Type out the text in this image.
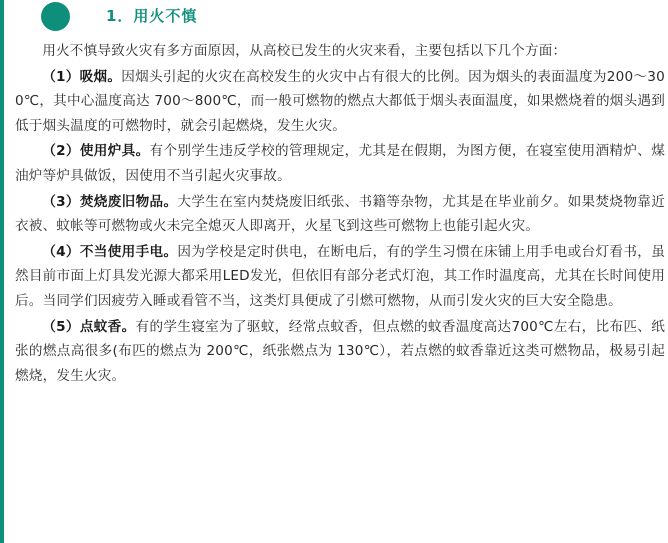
1．用火不慎

用火不慎导致火灾有多方面原因，从高校已发生的火灾来看，主要包括以下几个方面：

（1）吸烟。因烟头引起的火灾在高校发生的火灾中占有很大的比例。因为烟头的表面温度为200～300℃，其中心温度高达 700～800℃，而一般可燃物的燃点大都低于烟头表面温度，如果燃烧着的烟头遇到低于烟头温度的可燃物时，就会引起燃烧，发生火灾。

（2）使用炉具。有个别学生违反学校的管理规定，尤其是在假期，为图方便，在寝室使用酒精炉、煤油炉等炉具做饭，因使用不当引起火灾事故。

（3）焚烧废旧物品。大学生在室内焚烧废旧纸张、书籍等杂物，尤其是在毕业前夕。如果焚烧物靠近衣被、蚊帐等可燃物或火未完全熄灭人即离开，火星飞到这些可燃物上也能引起火灾。

（4）不当使用手电。因为学校是定时供电，在断电后，有的学生习惯在床铺上用手电或台灯看书，虽然目前市面上灯具发光源大都采用LED发光，但依旧有部分老式灯泡，其工作时温度高，尤其在长时间使用后。当同学们因疲劳入睡或看管不当，这类灯具便成了引燃可燃物，从而引发火灾的巨大安全隐患。

（5）点蚊香。有的学生寝室为了驱蚊，经常点蚊香，但点燃的蚊香温度高达700℃左右，比布匹、纸张的燃点高很多(布匹的燃点为 200℃，纸张燃点为 130℃），若点燃的蚊香靠近这类可燃物品，极易引起燃烧，发生火灾。
